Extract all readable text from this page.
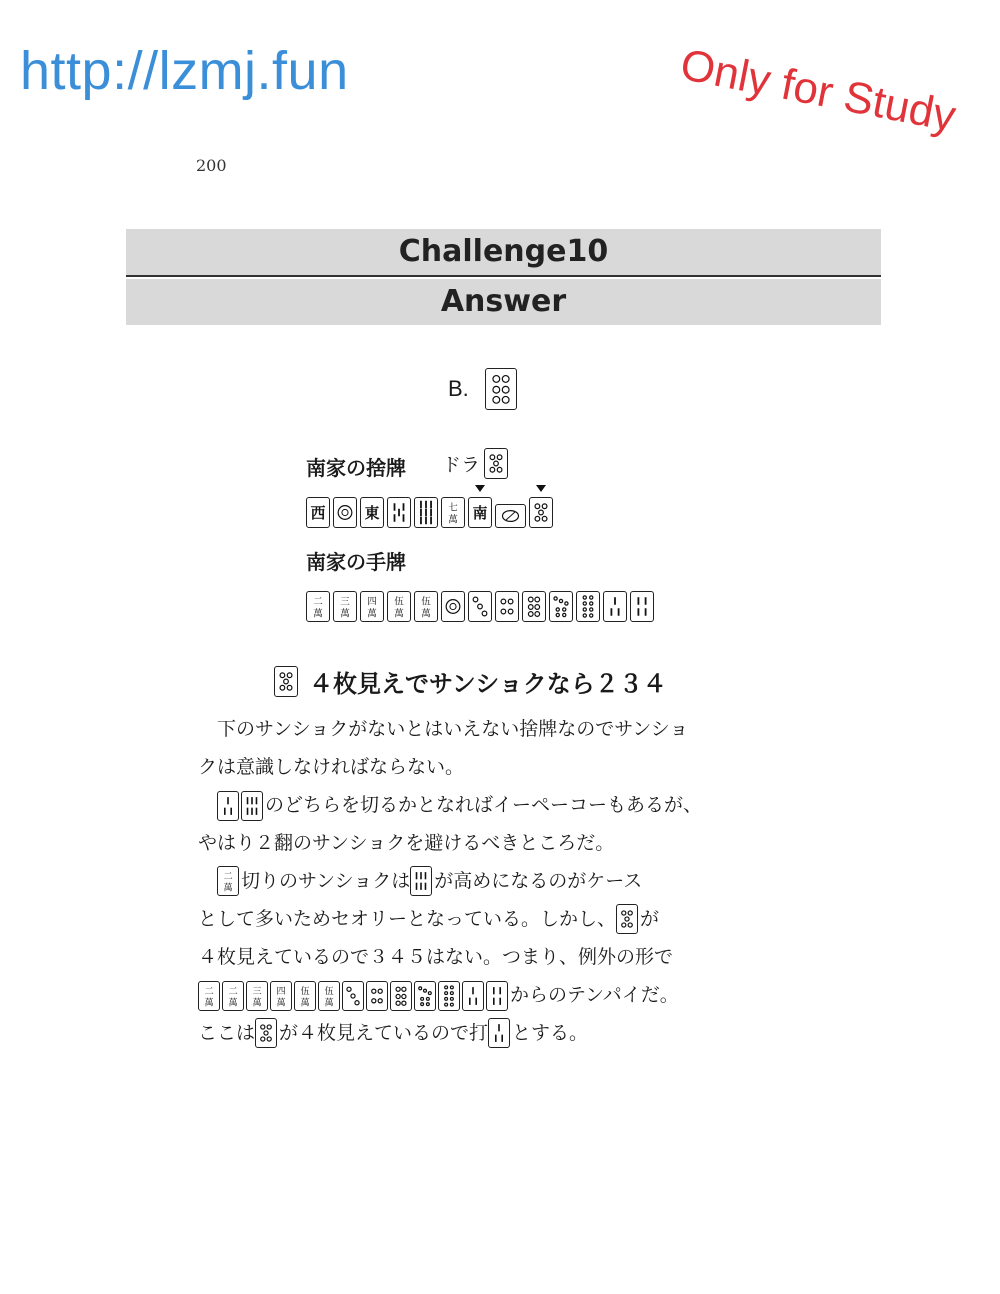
http://lzmj.fun	Only for Study
200
Challenge10
Answer
B.
南家の捨牌 ドラ
西	東	七
萬 南
南家の手牌
二
萬
三
萬
四
萬
伍
萬
伍
萬
４枚見えでサンショクなら２３４

下のサンショクがないとはいえない捨牌なのでサンショ
クは意識しなければならない。

のどちらを切るかとなればイーペーコーもあるが、
やはり２翻のサンショクを避けるべきところだ。

二
萬 切りのサンショクは が高めになるのがケース
として多いためセオリーとなっている。しかし、 が
４枚見えているので３４５はない。つまり、例外の形で
二
萬
二
萬
三
萬
四
萬
伍
萬
伍
萬	からのテンパイだ。
ここは が４枚見えているので打 とする。
